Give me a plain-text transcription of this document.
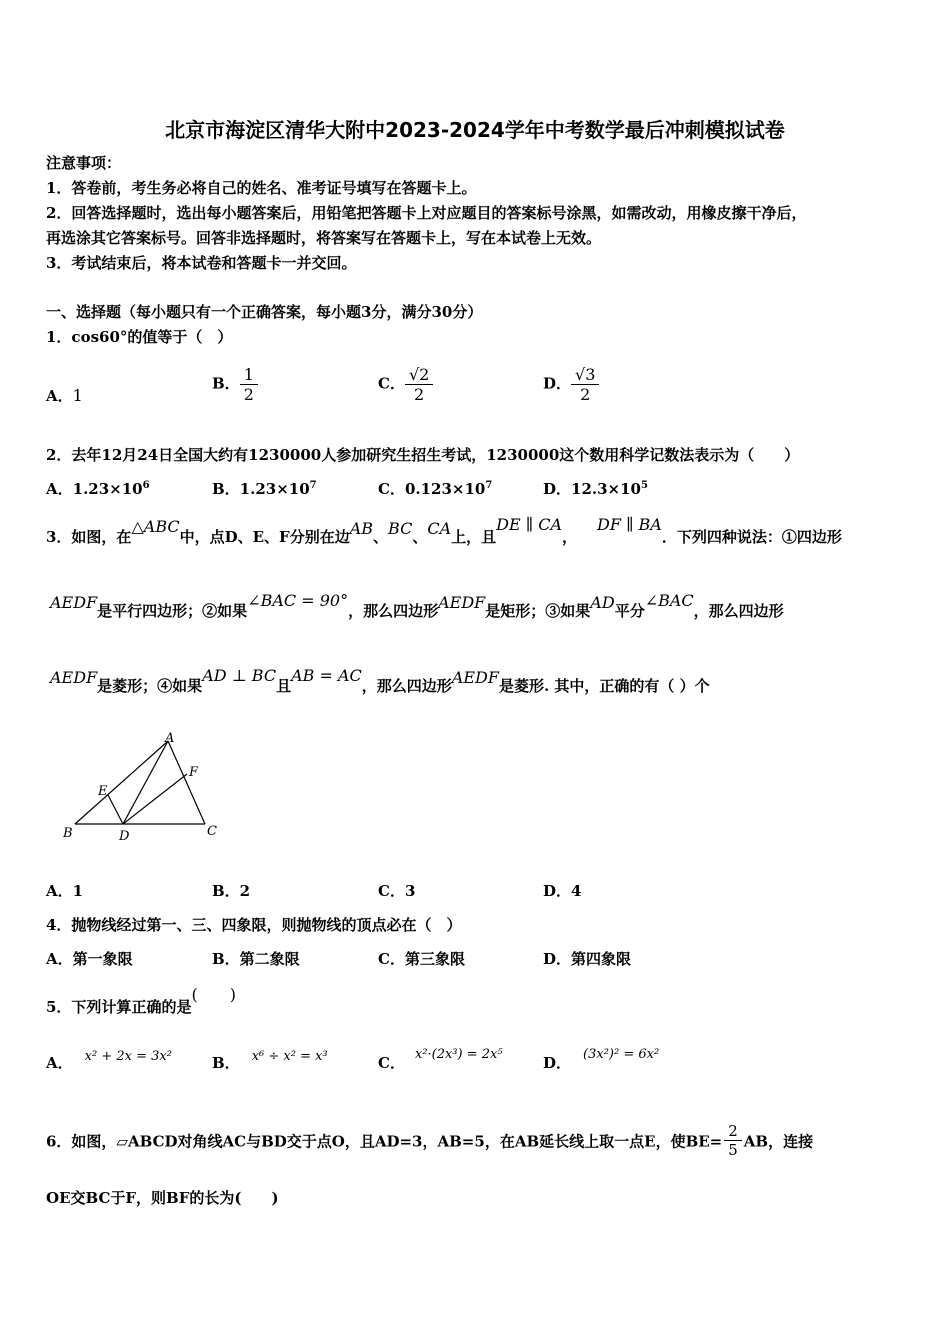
北京市海淀区清华大附中2023-2024学年中考数学最后冲刺模拟试卷
注意事项：
1．答卷前，考生务必将自己的姓名、准考证号填写在答题卡上。
2．回答选择题时，选出每小题答案后，用铅笔把答题卡上对应题目的答案标号涂黑，如需改动，用橡皮擦干净后，
再选涂其它答案标号。回答非选择题时，将答案写在答题卡上，写在本试卷上无效。
3．考试结束后，将本试卷和答题卡一并交回。
一、选择题（每小题只有一个正确答案，每小题3分，满分30分）
1．cos60°的值等于（　）
A．1
B． $\frac{1}{2}$	C． $\frac{√2}{2}$	D． $\frac{√3}{2}$
2．去年12月24日全国大约有1230000人参加研究生招生考试，1230000这个数用科学记数法表示为（　　）
A．$1.23\times 10^6$	B．$1.23\times 10^7$	C．$0.123\times 10^7$	D．$12.3\times 10^5$
3．如图，在△ABC中，点D、E、F分别在边AB、BC、CA上，且DE ∥ CA，DF ∥ BA．下列四种说法：①四边形
AEDF是平行四边形；②如果∠BAC = 90°，那么四边形AEDF是矩形；③如果AD平分∠BAC，那么四边形
AEDF是菱形；④如果AD ⊥ BC且AB = AC，那么四边形AEDF是菱形. 其中，正确的有（ ）个
A
B	C
D
E
F
A．1	B．2	C．3	D．4
4．抛物线经过第一、三、四象限，则抛物线的顶点必在（　）
A．第一象限	B．第二象限	C．第三象限	D．第四象限
5．下列计算正确的是(　　)
A． x² + 2x = 3x²	B． x⁶ ÷ x² = x³	C． x²·(2x³) = 2x⁵	D． (3x²)² = 6x²
6．如图，▱ABCD对角线AC与BD交于点O，且AD=3，AB=5，在AB延长线上取一点E，使$BE= \frac{2}{5}$ AB，连接
OE交BC于F，则BF的长为(　　)
